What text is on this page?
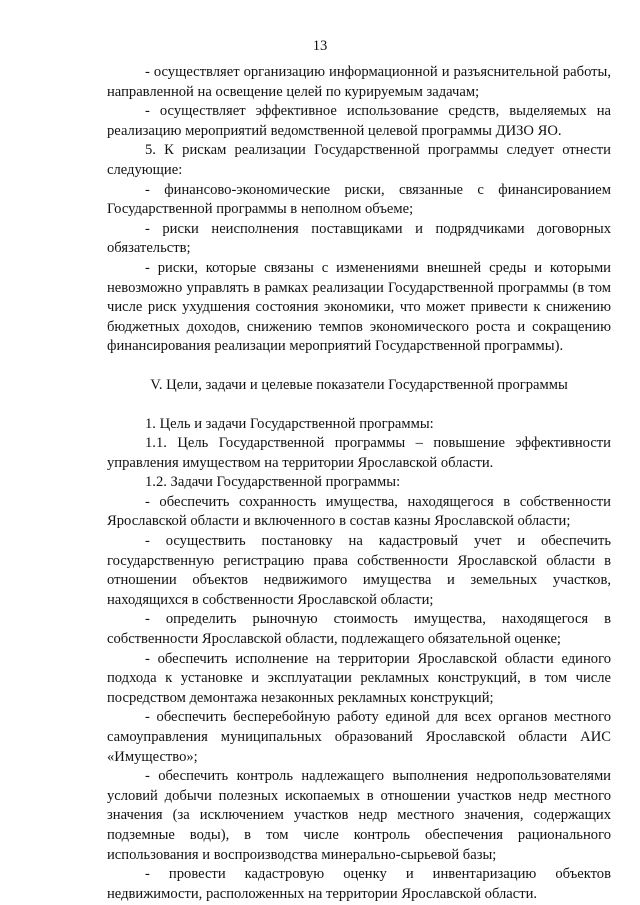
13

- осуществляет организацию информационной и разъяснительной работы, направленной на освещение целей по курируемым задачам;

- осуществляет эффективное использование средств, выделяемых на реализацию мероприятий ведомственной целевой программы ДИЗО ЯО.

5. К рискам реализации Государственной программы следует отнести следующие:

- финансово-экономические риски, связанные с финансированием Государственной программы в неполном объеме;

- риски неисполнения поставщиками и подрядчиками договорных обязательств;

- риски, которые связаны с изменениями внешней среды и которыми невозможно управлять в рамках реализации Государственной программы (в том числе риск ухудшения состояния экономики, что может привести к снижению бюджетных доходов, снижению темпов экономического роста и сокращению финансирования реализации мероприятий Государственной программы).

V. Цели, задачи и целевые показатели Государственной программы

1. Цель и задачи Государственной программы:

1.1. Цель Государственной программы – повышение эффективности управления имуществом на территории Ярославской области.

1.2. Задачи Государственной программы:

- обеспечить сохранность имущества, находящегося в собственности Ярославской области и включенного в состав казны Ярославской области;

- осуществить постановку на кадастровый учет и обеспечить государственную регистрацию права собственности Ярославской области в отношении объектов недвижимого имущества и земельных участков, находящихся в собственности Ярославской области;

- определить рыночную стоимость имущества, находящегося в собственности Ярославской области, подлежащего обязательной оценке;

- обеспечить исполнение на территории Ярославской области единого подхода к установке и эксплуатации рекламных конструкций, в том числе посредством демонтажа незаконных рекламных конструкций;

- обеспечить бесперебойную работу единой для всех органов местного самоуправления муниципальных образований Ярославской области АИС «Имущество»;

- обеспечить контроль надлежащего выполнения недропользователями условий добычи полезных ископаемых в отношении участков недр местного значения (за исключением участков недр местного значения, содержащих подземные воды), в том числе контроль обеспечения рационального использования и воспроизводства минерально-сырьевой базы;

- провести кадастровую оценку и инвентаризацию объектов недвижимости, расположенных на территории Ярославской области.
